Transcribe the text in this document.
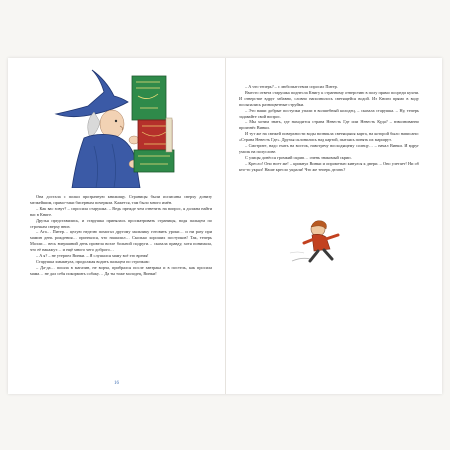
Она достала с полки прозрачную книжищу. Страницы были исписаны сверху донизу мелкейшим, прямо-таки бисерным почерком. Кажется, там было много имён.

– Как вас зовут? – спросила старушка. – Ведь прежде чем ответить на вопрос, я должна найти вас в Книге.

Друзья представились, и старушка принялась просматривать страницы, водя пальцем по строчкам сверху вниз.

– Ага… Питер… целую неделю помогал другому мальчику готовить уроки… и ни разу при мамин день рождения… признался, что нашалил… Сколько хороших поступков! Так, теперь Молли… весь вчерашний день провела возле больной подруги… сказала правду, хотя понимала, что её накажут… и ещё много чего доброго…

– А я? – не утерпел Винки. – Я слушался маму всё это время!

Старушка хмыкнула, продолжая водить пальцем по строчкам:

– Да-да… пошла в магазин, не ворча, прибрался после завтрака и в постель, как просила мама… не дал себя покормить собаку… Да ты тоже молодец, Винки!

16

– А что теперь? – с любопытством спросил Питер.

Вместо ответа старушка поднесла Книгу к странному отверстию в полу прямо посреди кухни. И отверстие вдруг забавно, словно наполнилось светящейся водой. Из Книги прямо в воду посыпались разноцветные струйки.

– Это ваши добрые поступки упали в волшебный колодец, – сказала старушка. – Ну, теперь задавайте свой вопрос.

– Мы хотим знать, где находится страна Невесть Где или Невесть Куда? – взволнованно произнёс Винки.

И тут же на свежей поверхности воды возникла светящаяся карта, на которой было написано: «Страна Невесть Где». Друзья склонились над картой, пытаясь понять их маршрут.

– Смотрите, надо ехать на восток, навстречу восходящему солнцу… – начал Винки. И вдруг умолк на полуслове.

С улицы донёсся громкий скрип… очень знакомый скрип.

– Кресло! Оно ноет же! – крикнул Винки и опрометью кинулся к двери. – Оно улетает! Ни об кто-то украл! Наше кресло украли! Что же теперь делать?
